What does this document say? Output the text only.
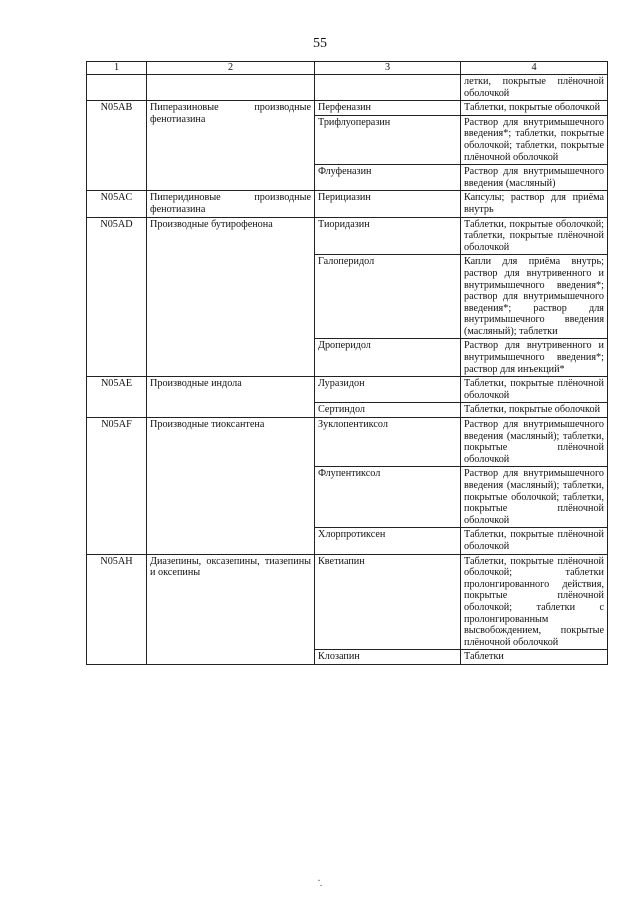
55
1	2	3	4
			летки, покрытые плёночной оболочкой
N05AB	Пиперазиновые производные фенотиазина	Перфеназин	Таблетки, покрытые оболочкой
		Трифлуоперазин	Раствор для внутримышечного введения*; таблетки, покрытые оболочкой; таблетки, покрытые плёночной оболочкой
		Флуфеназин	Раствор для внутримышечного введения (масляный)
N05AC	Пиперидиновые производные фенотиазина	Перициазин	Капсулы; раствор для приёма внутрь
N05AD	Производные бутирофенона	Тиоридазин	Таблетки, покрытые оболочкой; таблетки, покрытые плёночной оболочкой
		Галоперидол	Капли для приёма внутрь; раствор для внутривенного и внутримышечного введения*; раствор для внутримышечного введения*; раствор для внутримышечного введения (масляный); таблетки
		Дроперидол	Раствор для внутривенного и внутримышечного введения*; раствор для инъекций*
N05AE	Производные индола	Луразидон	Таблетки, покрытые плёночной оболочкой
		Сертиндол	Таблетки, покрытые оболочкой
N05AF	Производные тиоксантена	Зуклопентиксол	Раствор для внутримышечного введения (масляный); таблетки, покрытые плёночной оболочкой
		Флупентиксол	Раствор для внутримышечного введения (масляный); таблетки, покрытые оболочкой; таблетки, покрытые плёночной оболочкой
		Хлорпротиксен	Таблетки, покрытые плёночной оболочкой
N05AH	Диазепины, оксазепины, тиазепины и оксепины	Кветиапин	Таблетки, покрытые плёночной оболочкой; таблетки пролонгированного действия, покрытые плёночной оболочкой; таблетки с пролонгированным высвобождением, покрытые плёночной оболочкой
		Клозапин	Таблетки
·̣
